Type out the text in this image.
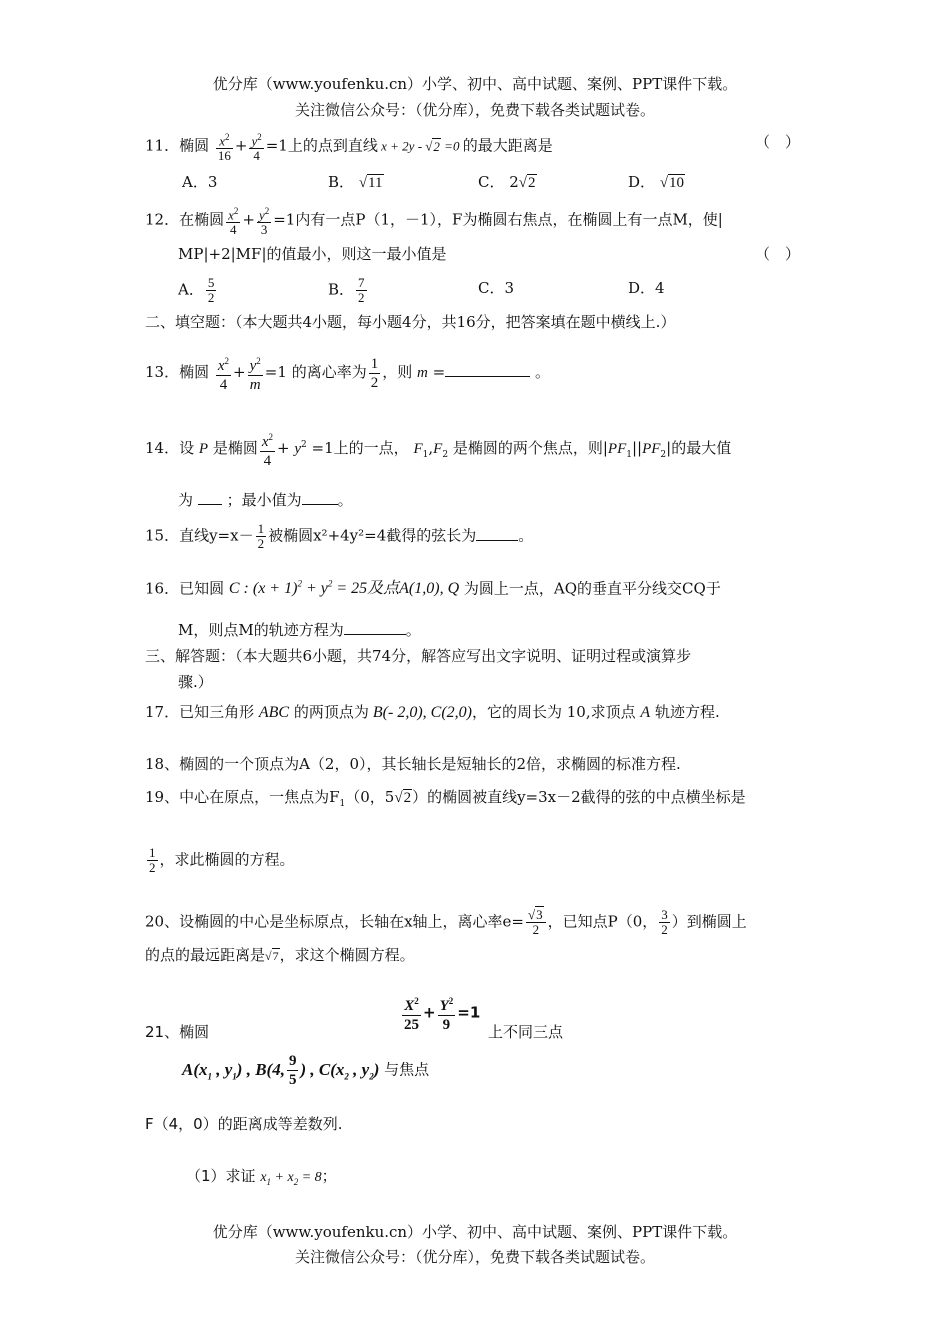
优分库（www.youfenku.cn）小学、初中、高中试题、案例、PPT课件下载。
关注微信公众号：（优分库），免费下载各类试题试卷。
11．椭圆 $\frac{x^2}{16} + \frac{y^2}{4} =1$上的点到直线 x + 2y - √2 =0 的最大距离是	（　）
A．3	B． √11	C． 2√2	D． √10
12．在椭圆 $\frac{x^2}{4} + \frac{y^2}{3} =1$内有一点P（1，－1），F为椭圆右焦点，在椭圆上有一点M，使|
MP|+2|MF|的值最小，则这一最小值是	（　）
A． $\frac{5}{2}$	B． $\frac{7}{2}$	C．3	D．4
二、填空题：（本大题共4小题，每小题4分，共16分，把答案填在题中横线上.）
13．椭圆 $\frac{x^2}{4} + \frac{y^2}{m} =1$ 的离心率为 $\frac{1}{2}$ ，则 m =	。
14．设 P 是椭圆 $\frac{x^2}{4} + y^2 =1$上的一点， $F_1,F_2$ 是椭圆的两个焦点，则$|PF_1||PF_2|$的最大值
为 ；最小值为 。
15．直线$y=x- \frac{1}{2}$ 被椭圆x²+4y²=4截得的弦长为	。
16．已知圆 C : $(x + 1)^2 + y^2 = 25$及点A(1,0), Q 为圆上一点，AQ的垂直平分线交CQ于
M，则点M的轨迹方程为	。
三、解答题：（本大题共6小题，共74分，解答应写出文字说明、证明过程或演算步
骤.）
17．已知三角形 ABC 的两顶点为 B(- 2,0), C(2,0)，它的周长为 10,求顶点 A 轨迹方程.
18、椭圆的一个顶点为A（2，0），其长轴长是短轴长的2倍，求椭圆的标准方程.
19、中心在原点，一焦点为$F_1(0$，5√2）的椭圆被直线y=3x－2截得的弦的中点横坐标是
$\frac{1}{2}$ ，求此椭圆的方程。
20、设椭圆的中心是坐标原点，长轴在x轴上，离心率$e= \frac{√3}{2}$ ，已知点P（0， $\frac{3}{2}$ ）到椭圆上
的点的最远距离是√7，求这个椭圆方程。
$\frac{X^2}{25} + \frac{Y^2}{9} =1$
21、椭圆	上不同三点
$A(x_1$ , $y_1$) , B(4, $\frac{9}{5}$ ) , $C(x_2$ , $y_2$) 与焦点
F（4，0）的距离成等差数列.
（1）求证 $x_1 + x_2 = 8$；
优分库（www.youfenku.cn）小学、初中、高中试题、案例、PPT课件下载。
关注微信公众号：（优分库），免费下载各类试题试卷。
